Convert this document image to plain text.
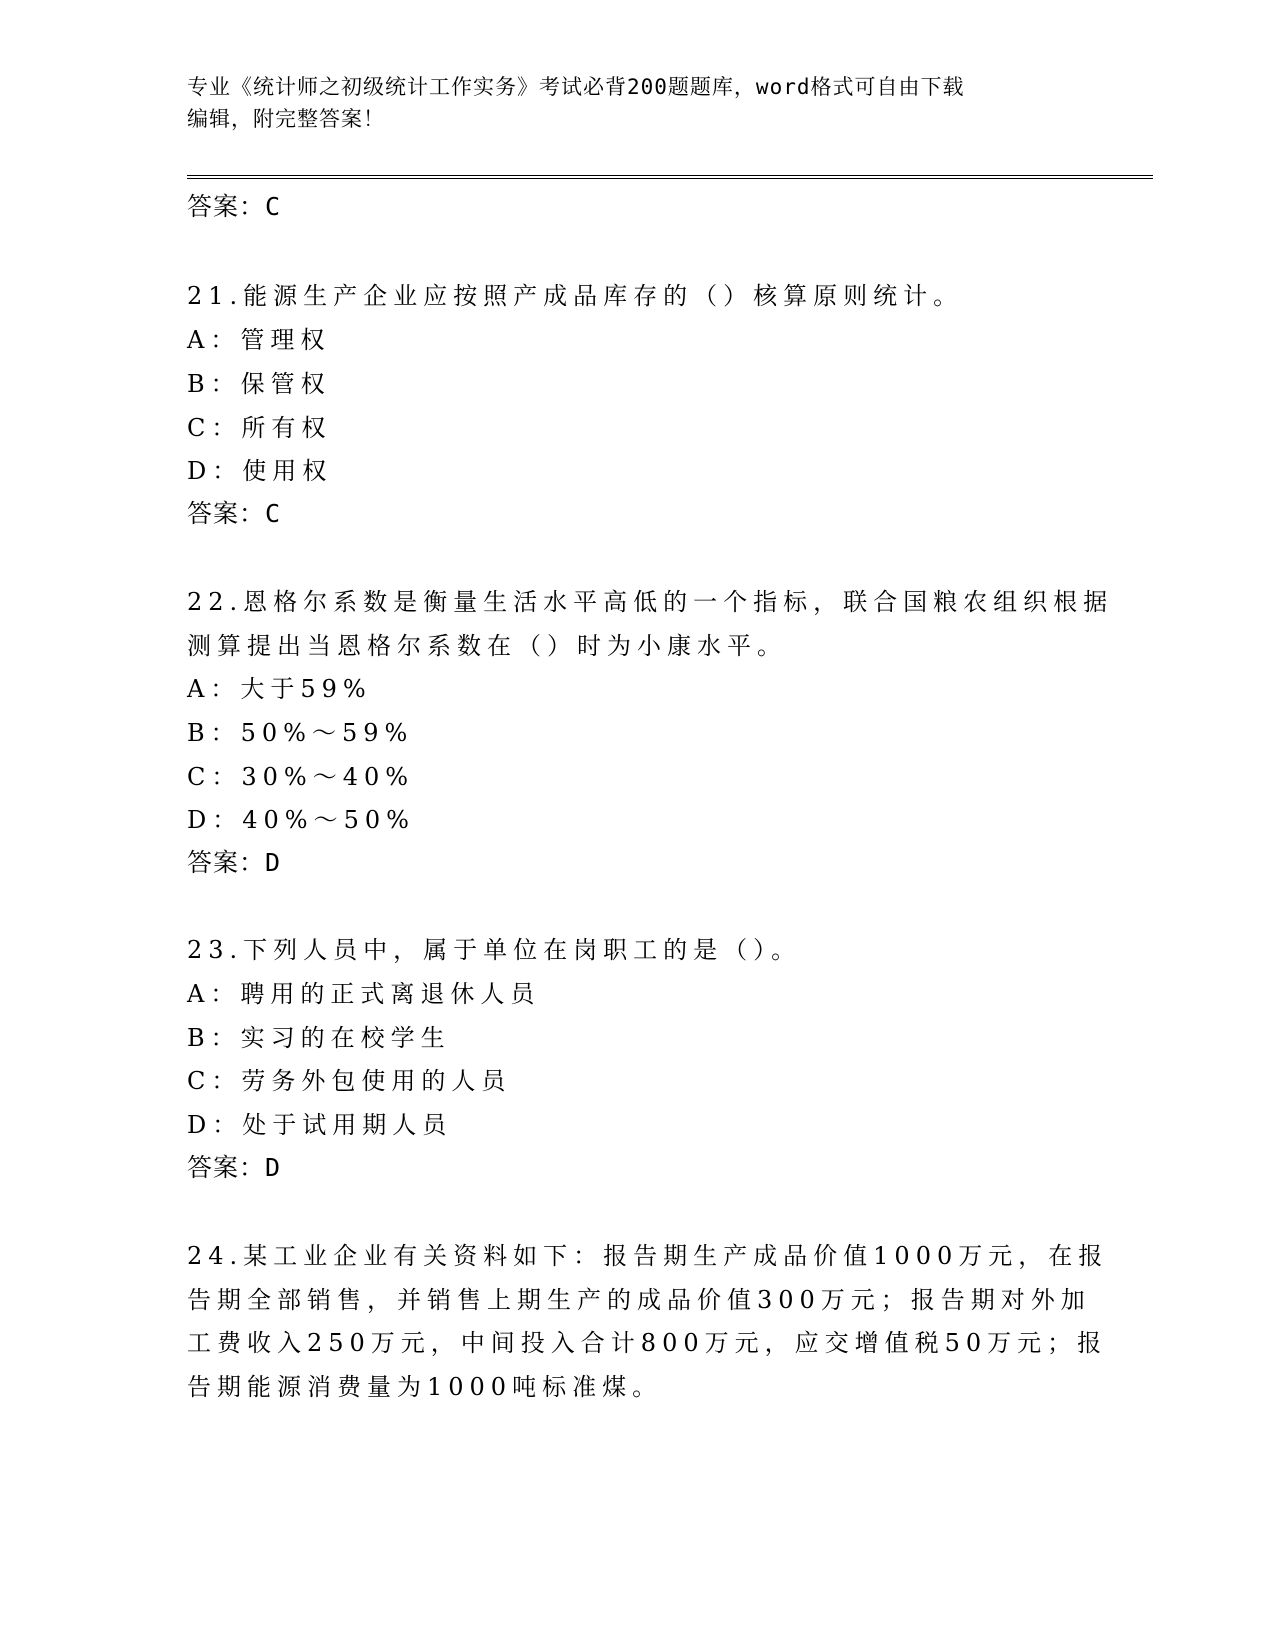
专业《统计师之初级统计工作实务》考试必背200题题库，word格式可自由下载
编辑，附完整答案！
答案：C
21.能源生产企业应按照产成品库存的（）核算原则统计。
A：管理权
B：保管权
C：所有权
D：使用权
答案：C
22.恩格尔系数是衡量生活水平高低的一个指标，联合国粮农组织根据
测算提出当恩格尔系数在（）时为小康水平。
A：大于59%
B：50%～59%
C：30%～40%
D：40%～50%
答案：D
23.下列人员中，属于单位在岗职工的是（）。
A：聘用的正式离退休人员
B：实习的在校学生
C：劳务外包使用的人员
D：处于试用期人员
答案：D
24.某工业企业有关资料如下：报告期生产成品价值1000万元，在报
告期全部销售，并销售上期生产的成品价值300万元；报告期对外加
工费收入250万元，中间投入合计800万元，应交增值税50万元；报
告期能源消费量为1000吨标准煤。
